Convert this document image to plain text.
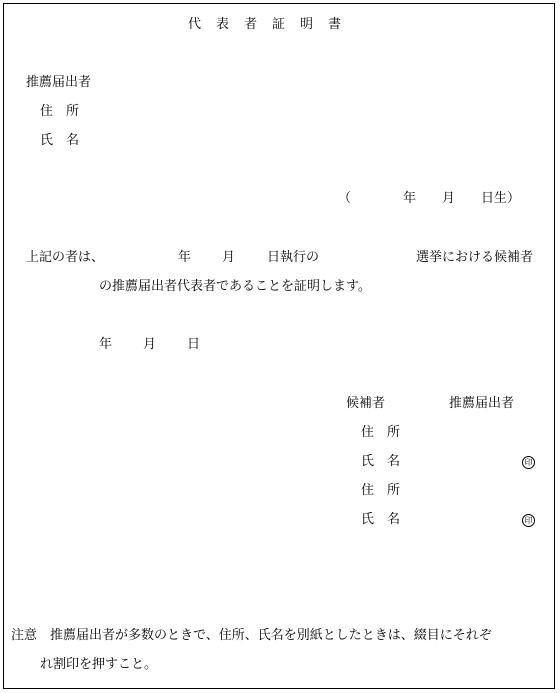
代表者証明書
推薦届出者
住　所
氏　名
（　　　　年　　月　　日生）
上記の者は、	年 月 日執行の	選挙における候補者
の推薦届出者代表者であることを証明します。
年 月 日
候補者	推薦届出者
住　所
氏　名	印
住　所
氏　名	印
注意　推薦届出者が多数のときで、住所、氏名を別紙としたときは、綴目にそれぞ
れ割印を押すこと。
